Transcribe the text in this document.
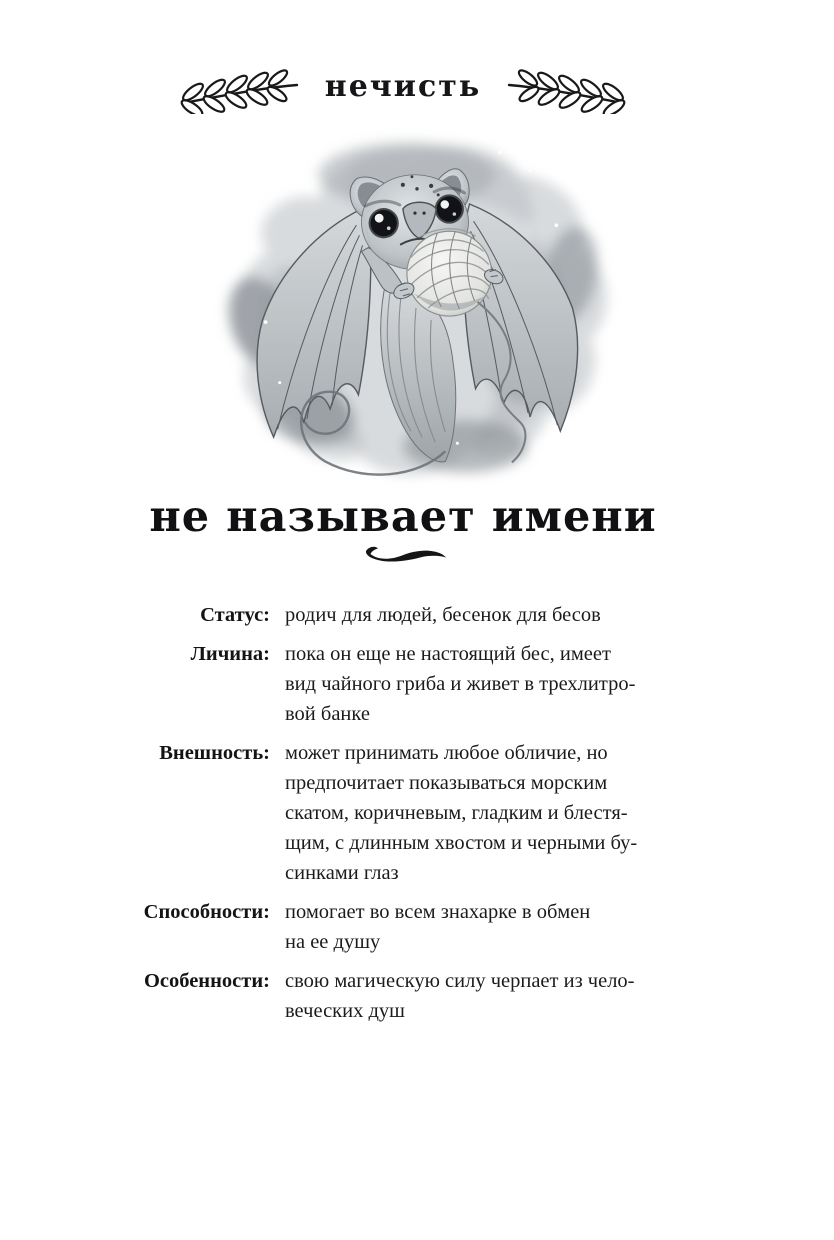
нечисть
не называет имени
Статус: родич для людей, бесенок для бесов
Личина: пока он еще не настоящий бес, имеет
вид чайного гриба и живет в трехлитро-
вой банке
Внешность: может принимать любое обличие, но
предпочитает показываться морским
скатом, коричневым, гладким и блестя-
щим, с длинным хвостом и черными бу-
синками глаз
Способности: помогает во всем знахарке в обмен
на ее душу
Особенности: свою магическую силу черпает из чело-
веческих душ
